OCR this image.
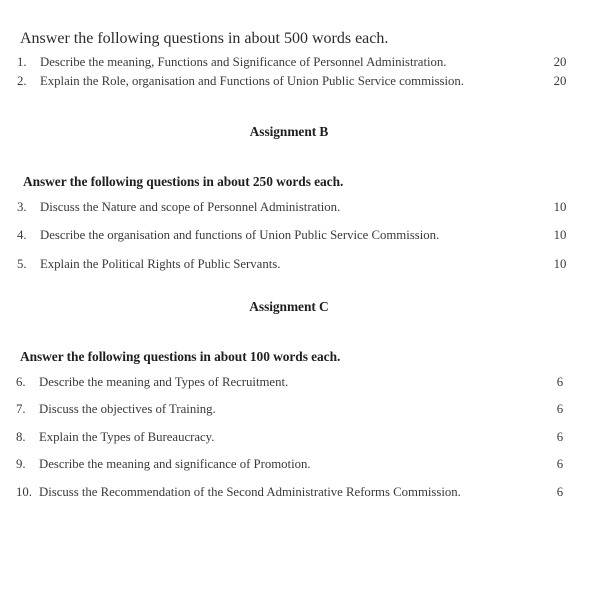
Answer the following questions in about 500 words each.
1.	Describe the meaning, Functions and Significance of Personnel Administration.	20
2.	Explain the Role, organisation and Functions of Union Public Service commission.	20
Assignment B
Answer the following questions in about 250 words each.
3.	Discuss the Nature and scope of Personnel Administration.	10
4.	Describe the organisation and functions of Union Public Service Commission.	10
5.	Explain the Political Rights of Public Servants.	10
Assignment C
Answer the following questions in about 100 words each.
6.	Describe the meaning and Types of Recruitment.	6
7.	Discuss the objectives of Training.	6
8.	Explain the Types of Bureaucracy.	6
9.	Describe the meaning and significance of Promotion.	6
10. Discuss the Recommendation of the Second Administrative Reforms Commission.	6
